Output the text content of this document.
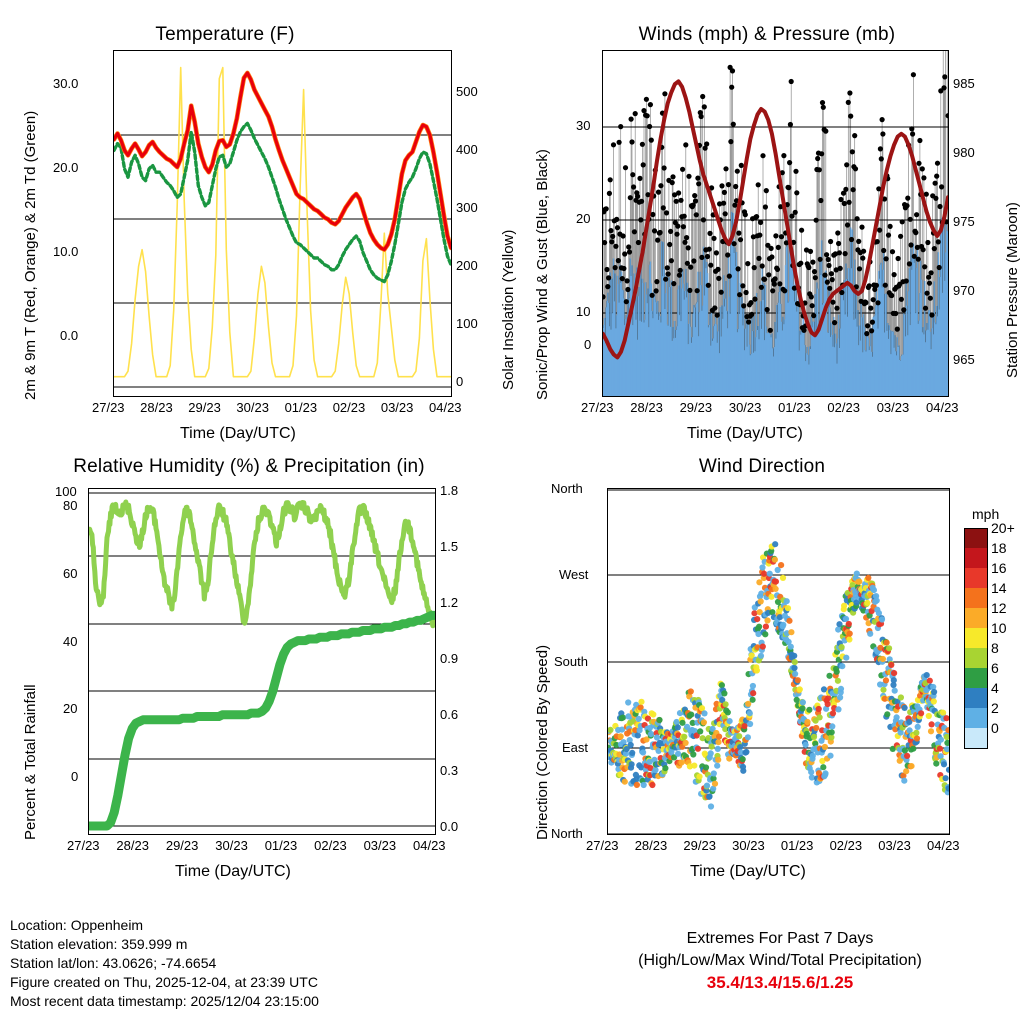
Temperature (F)
2m & 9m T (Red, Orange) & 2m Td (Green)	Solar Insolation (Yellow)
0.0
10.0
20.0
30.0
0
100
200
300
400
500
27/23 28/23 29/23 30/23 01/23 02/23 03/23 04/23
Time (Day/UTC)
Winds (mph) & Pressure (mb)
Sonic/Prop Wind & Gust (Blue, Black)	Station Pressure (Maroon)
0
10
20
30
965
970
975
980
985
27/23 28/23 29/23 30/23 01/23 02/23 03/23 04/23
Time (Day/UTC)
Relative Humidity (%) & Precipitation (in)
Percent & Total Rainfall 0
20
40
60
80
100
0.0
0.3
0.6
0.9
1.2
1.5
1.8
27/23 28/23 29/23 30/23 01/23 02/23 03/23 04/23
Time (Day/UTC)
Wind Direction
Direction (Colored By Speed)
North
West
South
East
North
27/23 28/23 29/23 30/23 01/23 02/23 03/23 04/23
Time (Day/UTC)
mph
20+
18
16
14
12
10
8
6
4
2
0
Location: Oppenheim
Station elevation: 359.999 m
Station lat/lon: 43.0626; -74.6654
Figure created on Thu, 2025-12-04, at 23:39 UTC
Most recent data timestamp: 2025/12/04 23:15:00
Extremes For Past 7 Days
(High/Low/Max Wind/Total Precipitation)
35.4/13.4/15.6/1.25
